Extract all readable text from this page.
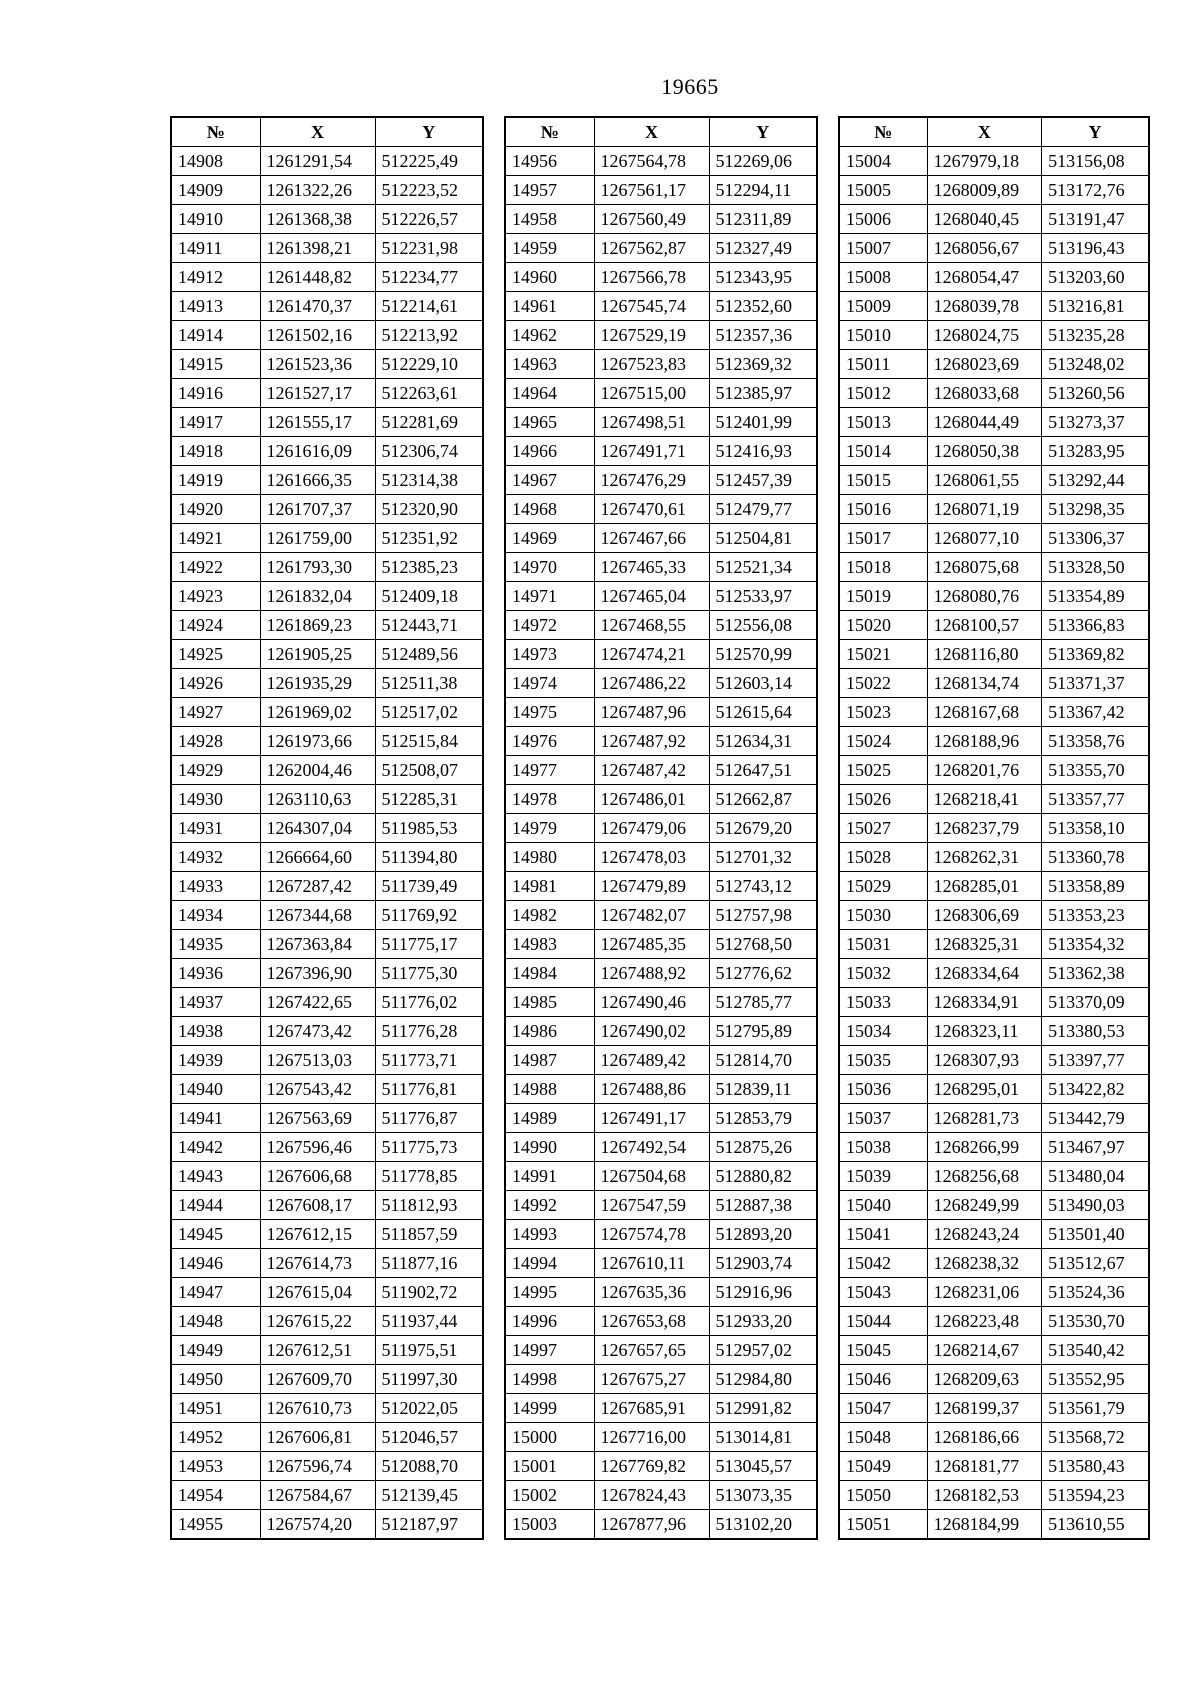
19665
№	X	Y
14908	1261291,54	512225,49
14909	1261322,26	512223,52
14910	1261368,38	512226,57
14911	1261398,21	512231,98
14912	1261448,82	512234,77
14913	1261470,37	512214,61
14914	1261502,16	512213,92
14915	1261523,36	512229,10
14916	1261527,17	512263,61
14917	1261555,17	512281,69
14918	1261616,09	512306,74
14919	1261666,35	512314,38
14920	1261707,37	512320,90
14921	1261759,00	512351,92
14922	1261793,30	512385,23
14923	1261832,04	512409,18
14924	1261869,23	512443,71
14925	1261905,25	512489,56
14926	1261935,29	512511,38
14927	1261969,02	512517,02
14928	1261973,66	512515,84
14929	1262004,46	512508,07
14930	1263110,63	512285,31
14931	1264307,04	511985,53
14932	1266664,60	511394,80
14933	1267287,42	511739,49
14934	1267344,68	511769,92
14935	1267363,84	511775,17
14936	1267396,90	511775,30
14937	1267422,65	511776,02
14938	1267473,42	511776,28
14939	1267513,03	511773,71
14940	1267543,42	511776,81
14941	1267563,69	511776,87
14942	1267596,46	511775,73
14943	1267606,68	511778,85
14944	1267608,17	511812,93
14945	1267612,15	511857,59
14946	1267614,73	511877,16
14947	1267615,04	511902,72
14948	1267615,22	511937,44
14949	1267612,51	511975,51
14950	1267609,70	511997,30
14951	1267610,73	512022,05
14952	1267606,81	512046,57
14953	1267596,74	512088,70
14954	1267584,67	512139,45
14955	1267574,20	512187,97
№	X	Y
14956	1267564,78	512269,06
14957	1267561,17	512294,11
14958	1267560,49	512311,89
14959	1267562,87	512327,49
14960	1267566,78	512343,95
14961	1267545,74	512352,60
14962	1267529,19	512357,36
14963	1267523,83	512369,32
14964	1267515,00	512385,97
14965	1267498,51	512401,99
14966	1267491,71	512416,93
14967	1267476,29	512457,39
14968	1267470,61	512479,77
14969	1267467,66	512504,81
14970	1267465,33	512521,34
14971	1267465,04	512533,97
14972	1267468,55	512556,08
14973	1267474,21	512570,99
14974	1267486,22	512603,14
14975	1267487,96	512615,64
14976	1267487,92	512634,31
14977	1267487,42	512647,51
14978	1267486,01	512662,87
14979	1267479,06	512679,20
14980	1267478,03	512701,32
14981	1267479,89	512743,12
14982	1267482,07	512757,98
14983	1267485,35	512768,50
14984	1267488,92	512776,62
14985	1267490,46	512785,77
14986	1267490,02	512795,89
14987	1267489,42	512814,70
14988	1267488,86	512839,11
14989	1267491,17	512853,79
14990	1267492,54	512875,26
14991	1267504,68	512880,82
14992	1267547,59	512887,38
14993	1267574,78	512893,20
14994	1267610,11	512903,74
14995	1267635,36	512916,96
14996	1267653,68	512933,20
14997	1267657,65	512957,02
14998	1267675,27	512984,80
14999	1267685,91	512991,82
15000	1267716,00	513014,81
15001	1267769,82	513045,57
15002	1267824,43	513073,35
15003	1267877,96	513102,20
№	X	Y
15004	1267979,18	513156,08
15005	1268009,89	513172,76
15006	1268040,45	513191,47
15007	1268056,67	513196,43
15008	1268054,47	513203,60
15009	1268039,78	513216,81
15010	1268024,75	513235,28
15011	1268023,69	513248,02
15012	1268033,68	513260,56
15013	1268044,49	513273,37
15014	1268050,38	513283,95
15015	1268061,55	513292,44
15016	1268071,19	513298,35
15017	1268077,10	513306,37
15018	1268075,68	513328,50
15019	1268080,76	513354,89
15020	1268100,57	513366,83
15021	1268116,80	513369,82
15022	1268134,74	513371,37
15023	1268167,68	513367,42
15024	1268188,96	513358,76
15025	1268201,76	513355,70
15026	1268218,41	513357,77
15027	1268237,79	513358,10
15028	1268262,31	513360,78
15029	1268285,01	513358,89
15030	1268306,69	513353,23
15031	1268325,31	513354,32
15032	1268334,64	513362,38
15033	1268334,91	513370,09
15034	1268323,11	513380,53
15035	1268307,93	513397,77
15036	1268295,01	513422,82
15037	1268281,73	513442,79
15038	1268266,99	513467,97
15039	1268256,68	513480,04
15040	1268249,99	513490,03
15041	1268243,24	513501,40
15042	1268238,32	513512,67
15043	1268231,06	513524,36
15044	1268223,48	513530,70
15045	1268214,67	513540,42
15046	1268209,63	513552,95
15047	1268199,37	513561,79
15048	1268186,66	513568,72
15049	1268181,77	513580,43
15050	1268182,53	513594,23
15051	1268184,99	513610,55
